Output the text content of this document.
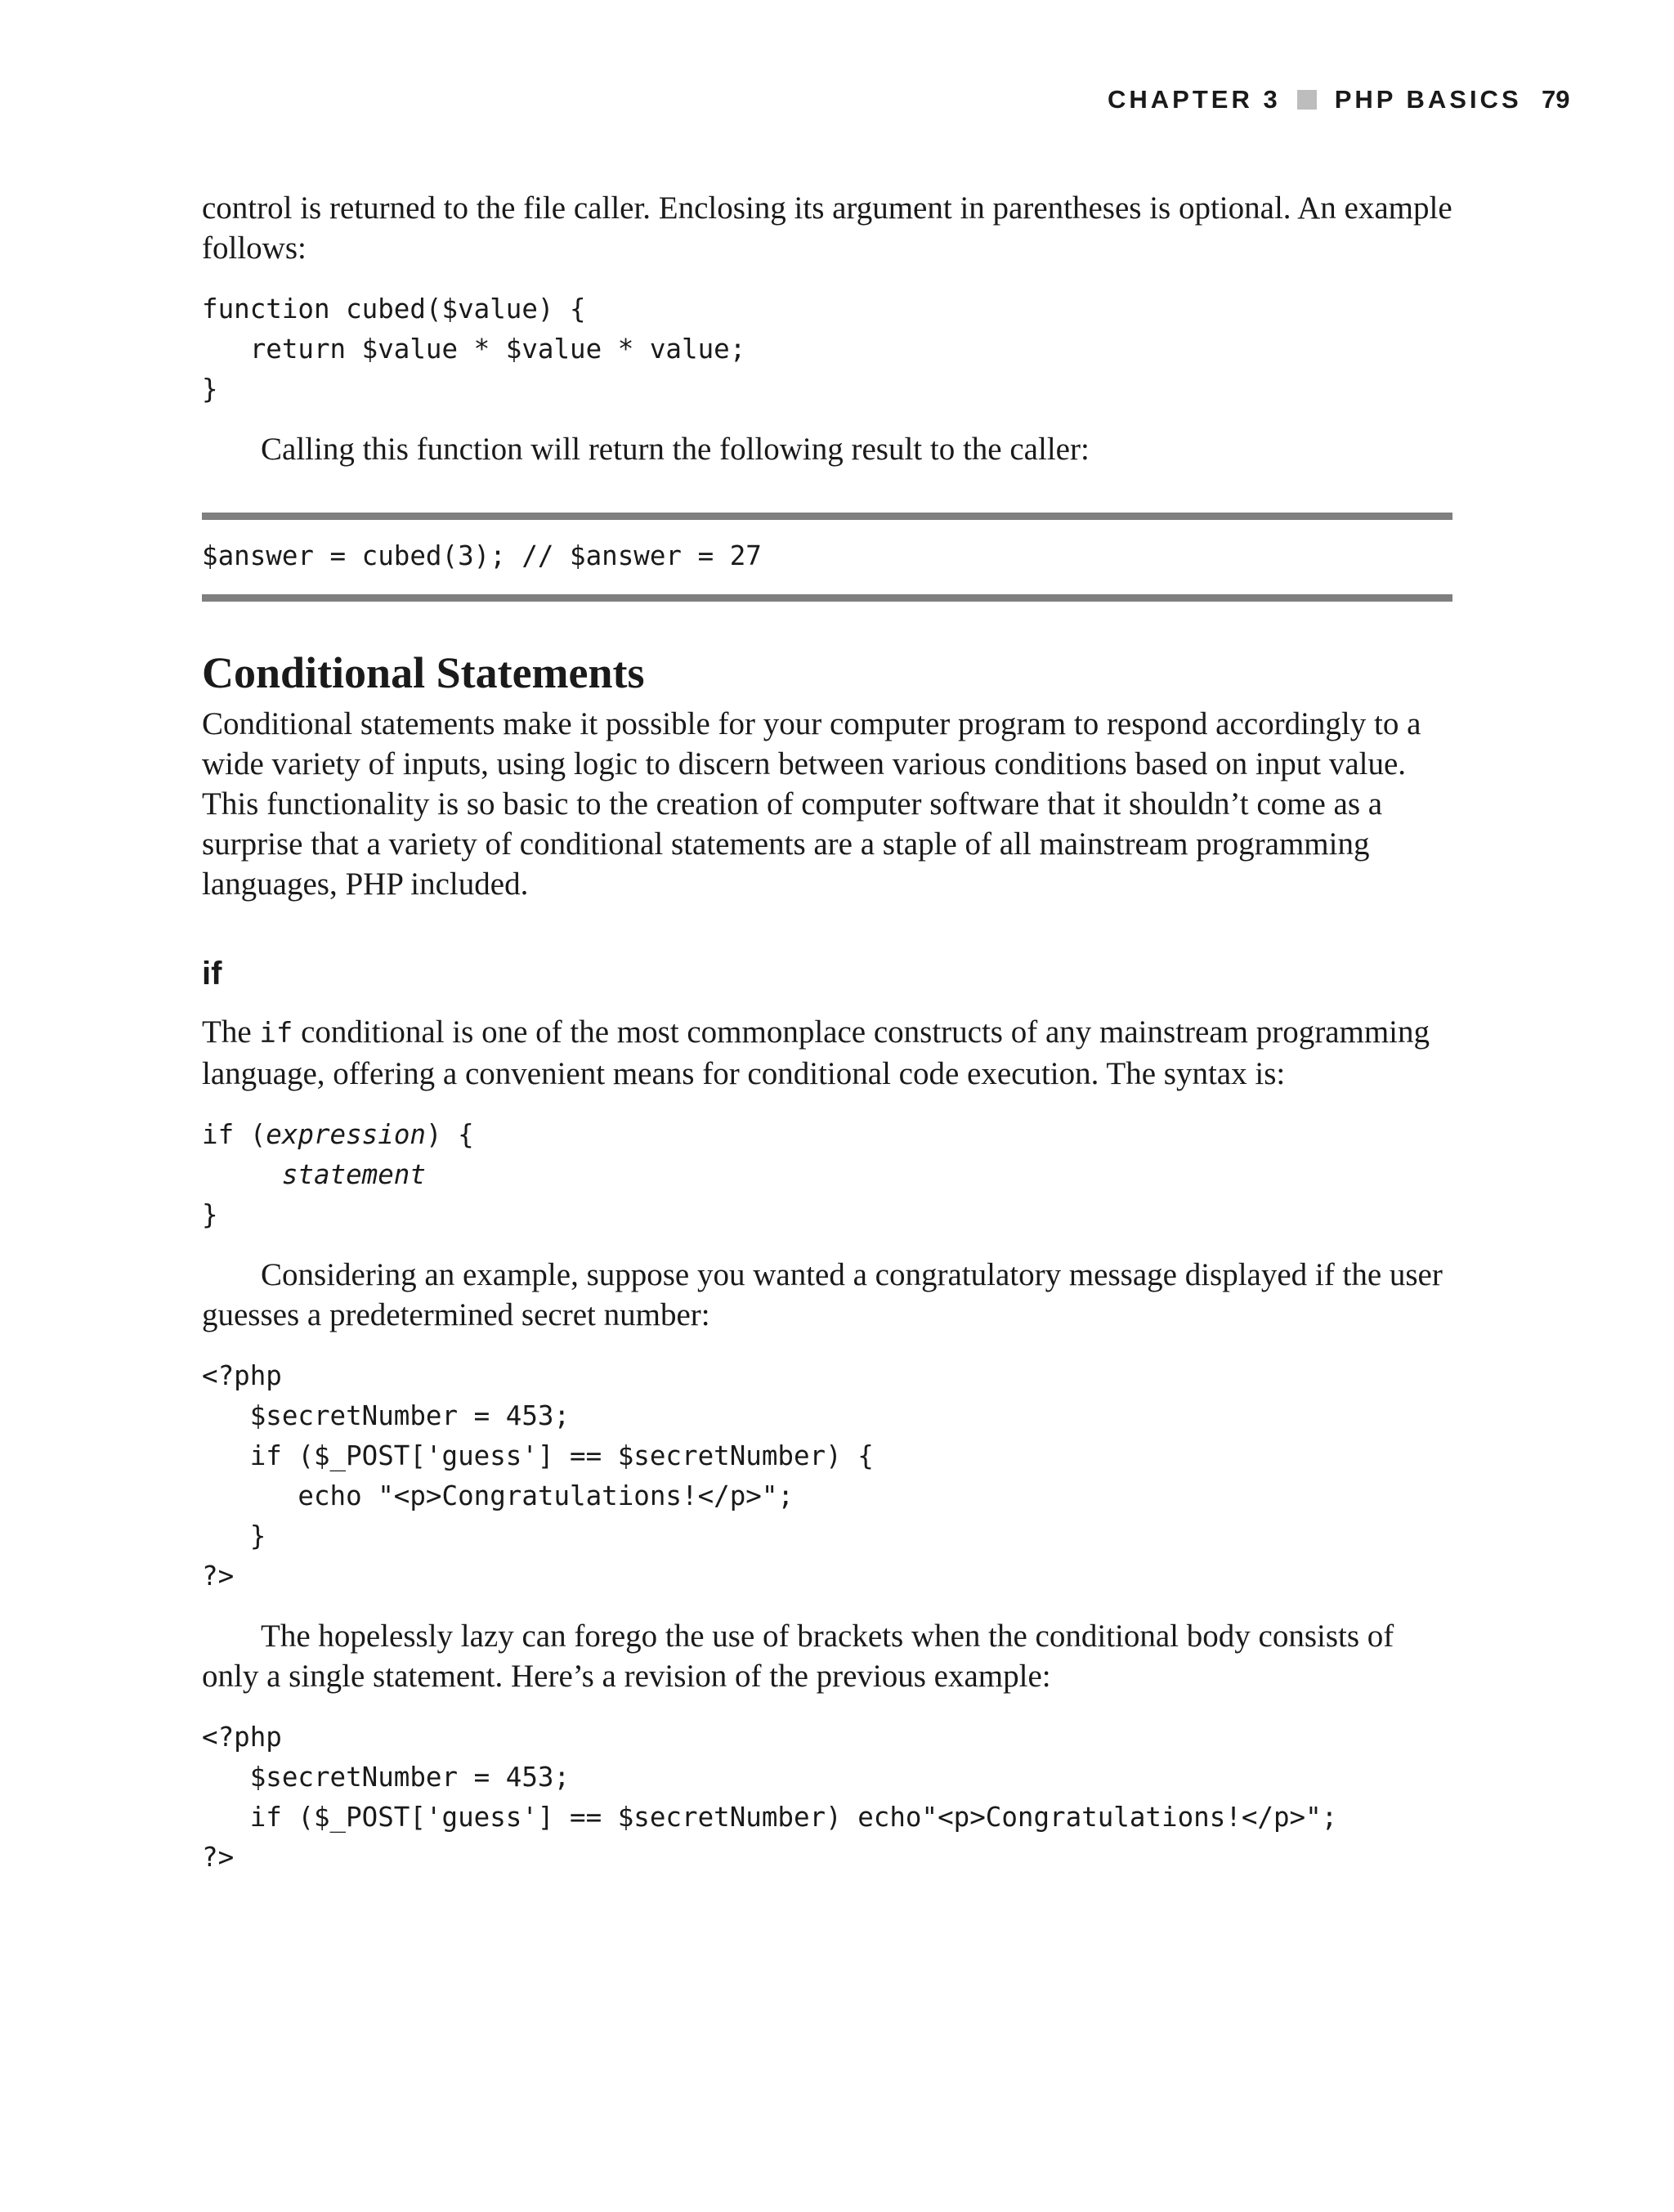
CHAPTER 3 PHP BASICS 79

control is returned to the file caller. Enclosing its argument in parentheses is optional. An example follows:

function cubed($value) {
return $value * $value * value;
}

Calling this function will return the following result to the caller:

$answer = cubed(3); // $answer = 27
Conditional Statements

Conditional statements make it possible for your computer program to respond accordingly to a wide variety of inputs, using logic to discern between various conditions based on input value. This functionality is so basic to the creation of computer software that it shouldn’t come as a surprise that a variety of conditional statements are a staple of all mainstream programming languages, PHP included.

if

The if conditional is one of the most commonplace constructs of any mainstream programming language, offering a convenient means for conditional code execution. The syntax is:

if (expression) {
statement
}

Considering an example, suppose you wanted a congratulatory message displayed if the user guesses a predetermined secret number:

<?php
$secretNumber = 453;
if ($_POST['guess'] == $secretNumber) {
echo "<p>Congratulations!</p>";
}
?>

The hopelessly lazy can forego the use of brackets when the conditional body consists of only a single statement. Here’s a revision of the previous example:

<?php
$secretNumber = 453;
if ($_POST['guess'] == $secretNumber) echo"<p>Congratulations!</p>";
?>
